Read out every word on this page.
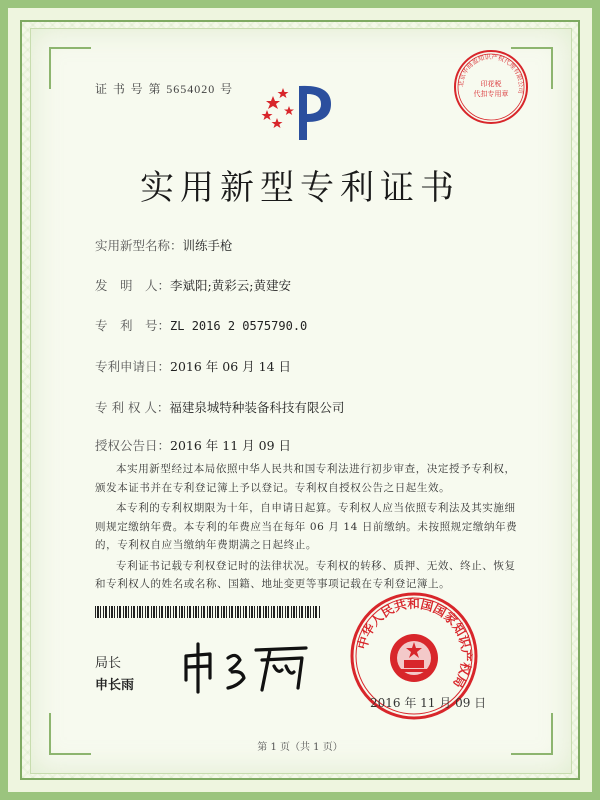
证 书 号 第 5654020 号	北京华商盈知识产权代理有限公司
印花税
代扣专用章
实用新型专利证书
实用新型名称：训练手枪
发　明　人：李斌阳;黄彩云;黄建安
专　利　号：ZL 2016 2 0575790.0
专利申请日：2016 年 06 月 14 日
专 利 权 人：福建泉城特种装备科技有限公司
授权公告日：2016 年 11 月 09 日

本实用新型经过本局依照中华人民共和国专利法进行初步审查，决定授予专利权，颁发本证书并在专利登记簿上予以登记。专利权自授权公告之日起生效。

本专利的专利权期限为十年，自申请日起算。专利权人应当依照专利法及其实施细则规定缴纳年费。本专利的年费应当在每年 06 月 14 日前缴纳。未按照规定缴纳年费的，专利权自应当缴纳年费期满之日起终止。

专利证书记载专利权登记时的法律状况。专利权的转移、质押、无效、终止、恢复和专利权人的姓名或名称、国籍、地址变更等事项记载在专利登记簿上。

局长
申长雨
中华人民共和国国家知识产权局
2016 年 11 月 09 日
第 1 页（共 1 页）
